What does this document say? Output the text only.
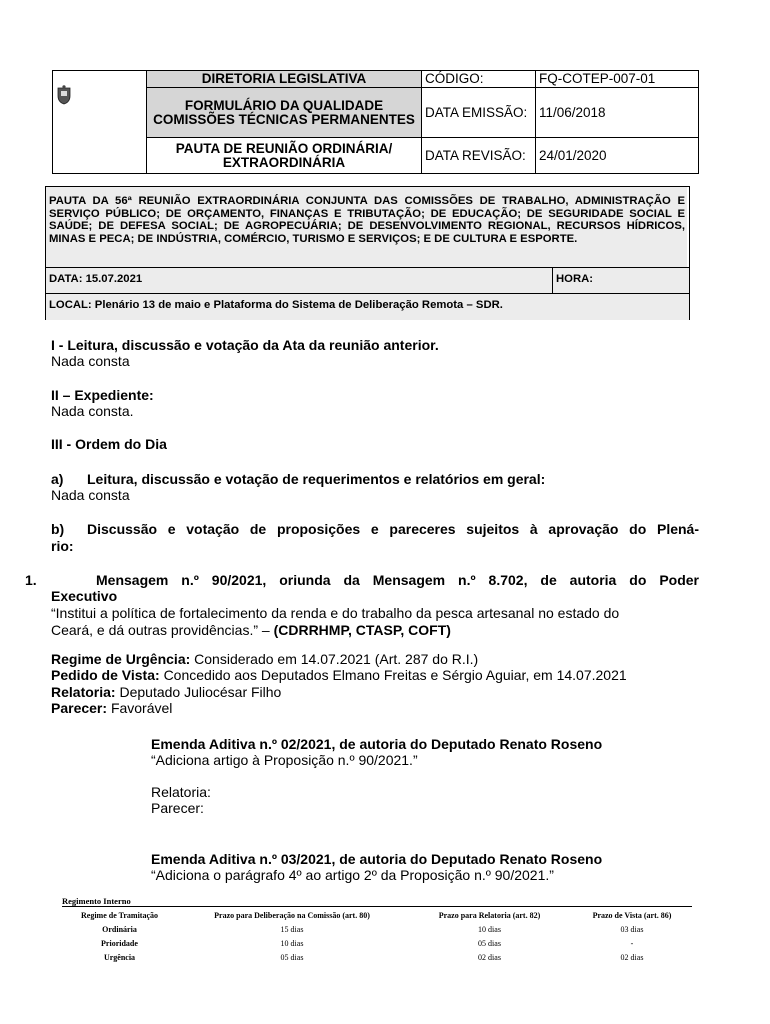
	DIRETORIA LEGISLATIVA	CÓDIGO:	FQ-COTEP-007-01
	FORMULÁRIO DA QUALIDADE COMISSÕES TÉCNICAS PERMANENTES	DATA EMISSÃO:	11/06/2018
	PAUTA DE REUNIÃO ORDINÁRIA/ EXTRAORDINÁRIA	DATA REVISÃO:	24/01/2020
PAUTA DA 56ª REUNIÃO EXTRAORDINÁRIA CONJUNTA DAS COMISSÕES DE TRABALHO, ADMINISTRAÇÃO E SERVIÇO PÚBLICO; DE ORÇAMENTO, FINANÇAS E TRIBUTAÇÃO; DE EDUCAÇÃO; DE SEGURIDADE SOCIAL E SAÚDE; DE DEFESA SOCIAL; DE AGROPECUÁRIA; DE DESENVOLVIMENTO REGIONAL, RECURSOS HÍDRICOS, MINAS E PECA; DE INDÚSTRIA, COMÉRCIO, TURISMO E SERVIÇOS; E DE CULTURA E ESPORTE.
DATA: 15.07.2021	HORA:
LOCAL: Plenário 13 de maio e Plataforma do Sistema de Deliberação Remota – SDR.
I - Leitura, discussão e votação da Ata da reunião anterior.
Nada consta
II – Expediente:
Nada consta.
III - Ordem do Dia
a) Leitura, discussão e votação de requerimentos e relatórios em geral:
Nada consta
b) Discussão e votação de proposições e pareceres sujeitos à aprovação do Plená-
rio:
1.	Mensagem n.º 90/2021, oriunda da Mensagem n.º 8.702, de autoria do Poder
Executivo
“Institui a política de fortalecimento da renda e do trabalho da pesca artesanal no estado do
Ceará, e dá outras providências.” – (CDRRHMP, CTASP, COFT)
Regime de Urgência: Considerado em 14.07.2021 (Art. 287 do R.I.)
Pedido de Vista: Concedido aos Deputados Elmano Freitas e Sérgio Aguiar, em 14.07.2021
Relatoria: Deputado Juliocésar Filho
Parecer: Favorável
Emenda Aditiva n.º 02/2021, de autoria do Deputado Renato Roseno
“Adiciona artigo à Proposição n.º 90/2021.”
Relatoria:
Parecer:
Emenda Aditiva n.º 03/2021, de autoria do Deputado Renato Roseno
“Adiciona o parágrafo 4º ao artigo 2º da Proposição n.º 90/2021.”
Regimento Interno
Regime de Tramitação	Prazo para Deliberação na Comissão (art. 80)	Prazo para Relatoria (art. 82)	Prazo de Vista (art. 86)
Ordinária	15 dias	10 dias	03 dias
Prioridade	10 dias	05 dias	-
Urgência	05 dias	02 dias	02 dias
